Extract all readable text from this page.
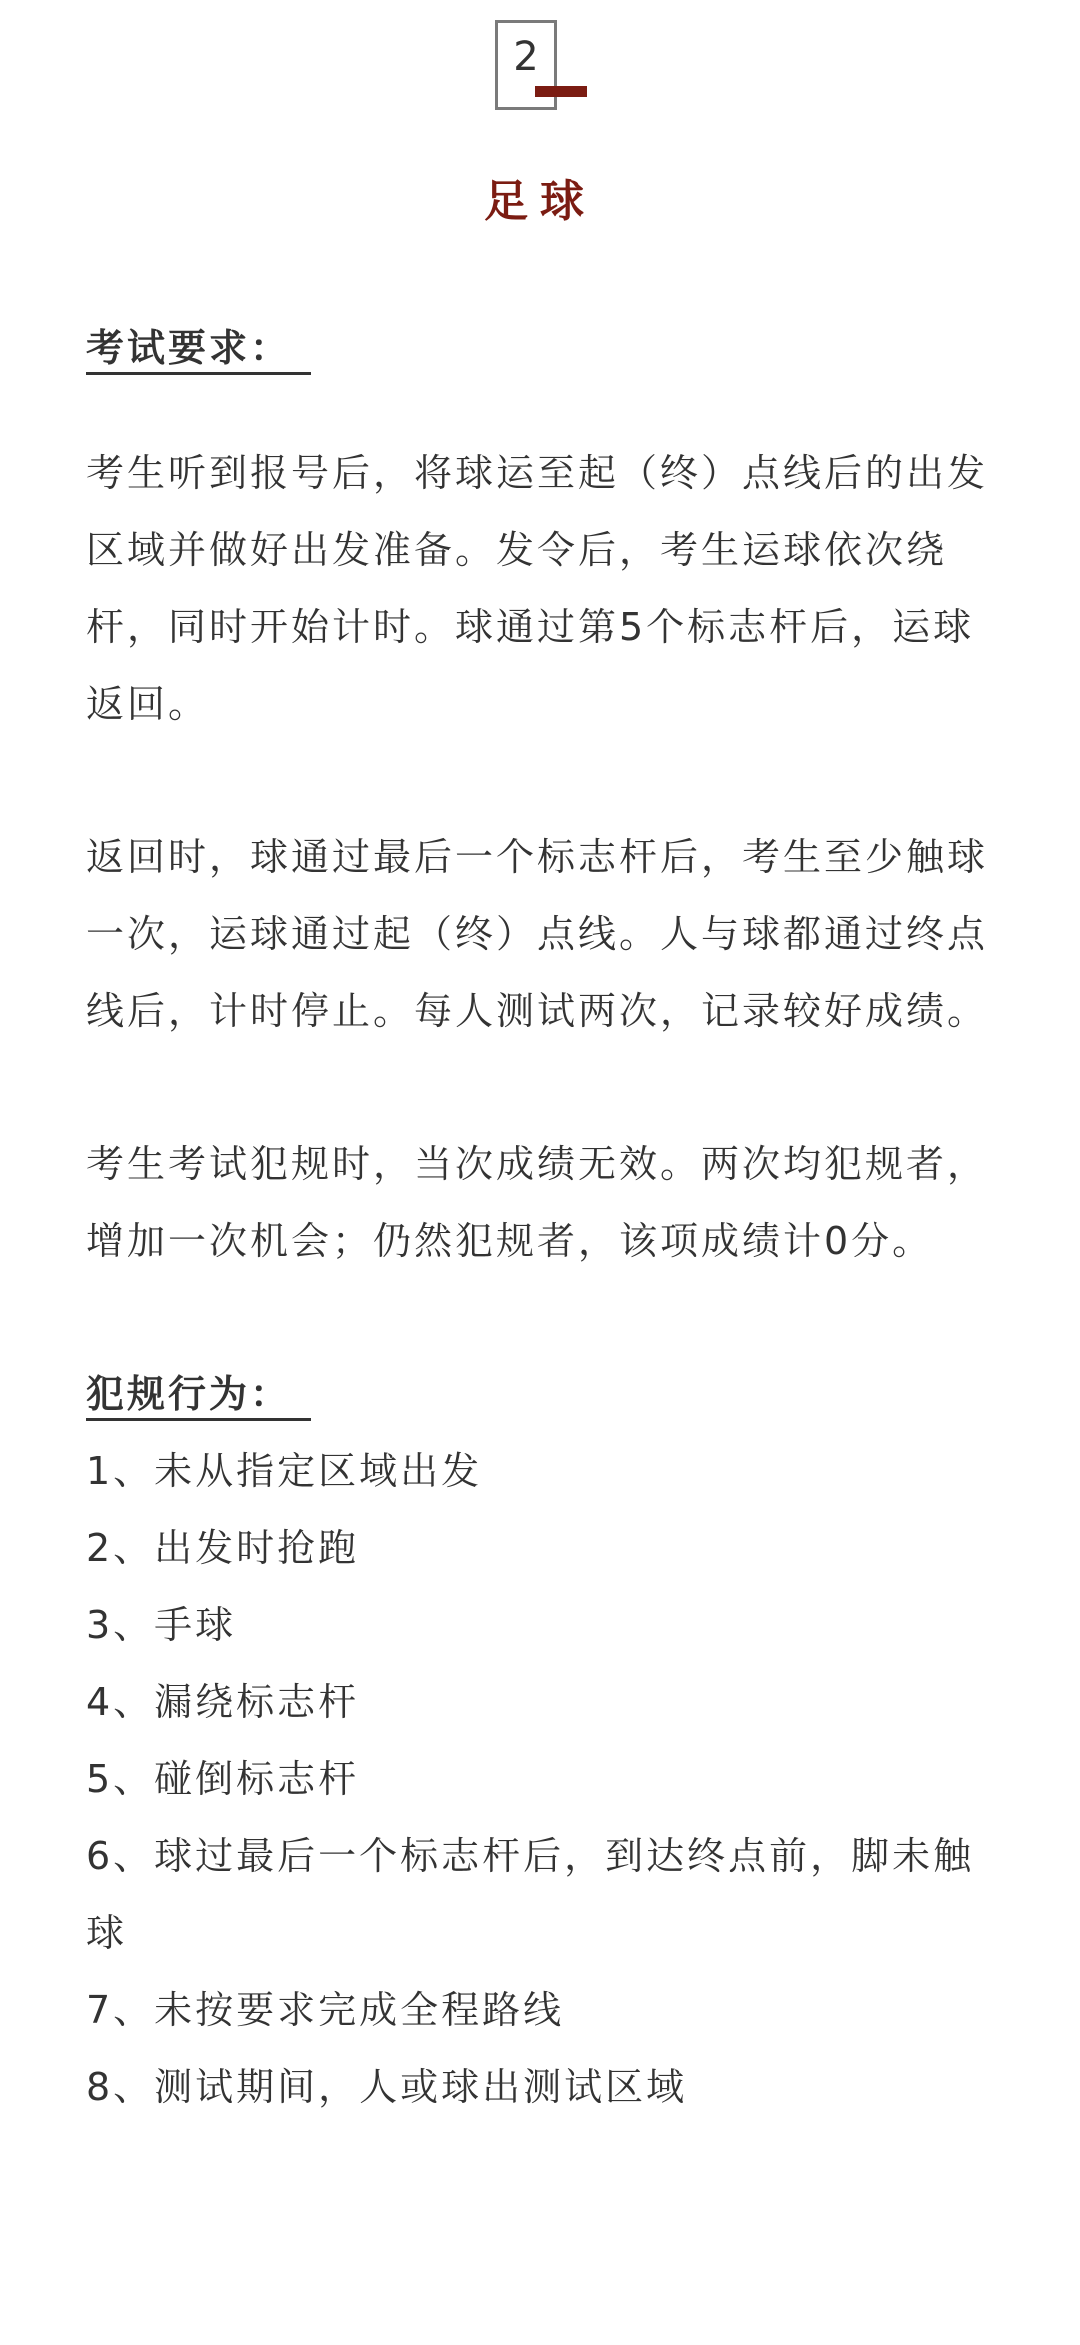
2
足球
考试要求：

考生听到报号后，将球运至起（终）点线后的出发区域并做好出发准备。发令后，考生运球依次绕杆，同时开始计时。球通过第5个标志杆后，运球返回。

返回时，球通过最后一个标志杆后，考生至少触球一次，运球通过起（终）点线。人与球都通过终点线后，计时停止。每人测试两次，记录较好成绩。

考生考试犯规时，当次成绩无效。两次均犯规者，增加一次机会；仍然犯规者，该项成绩计0分。

犯规行为：
1、未从指定区域出发
2、出发时抢跑
3、手球
4、漏绕标志杆
5、碰倒标志杆
6、球过最后一个标志杆后，到达终点前，脚未触球
7、未按要求完成全程路线
8、测试期间，人或球出测试区域
